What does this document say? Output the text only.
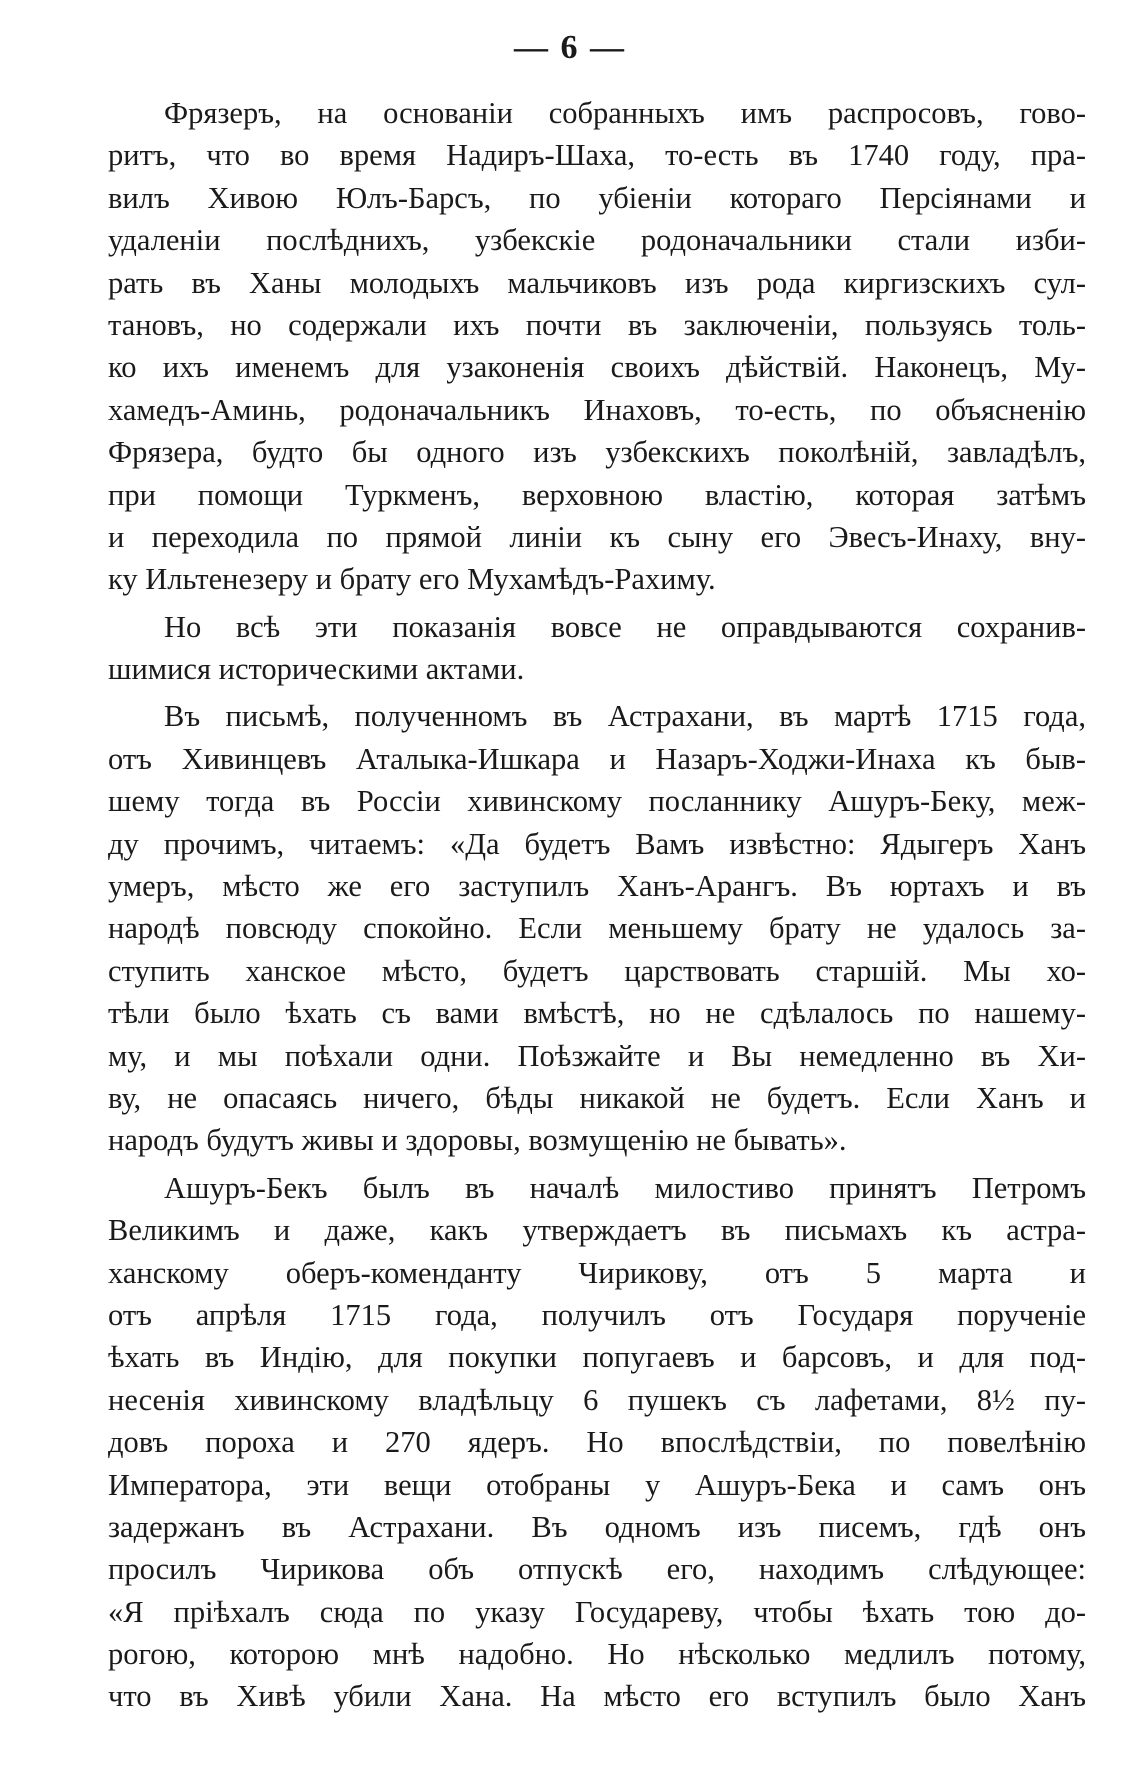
— 6 —

Фрязеръ, на основаніи собранныхъ имъ распросовъ, гово-
ритъ, что во время Надиръ-Шаха, то-есть въ 1740 году, пра-
вилъ Хивою Юлъ-Барсъ, по убіеніи котораго Персіянами и
удаленіи послѣднихъ, узбекскіе родоначальники стали изби-
рать въ Ханы молодыхъ мальчиковъ изъ рода киргизскихъ сул-
тановъ, но содержали ихъ почти въ заключеніи, пользуясь толь-
ко ихъ именемъ для узаконенія своихъ дѣйствій. Наконецъ, Му-
хамедъ-Аминь, родоначальникъ Инаховъ, то-есть, по объясненію
Фрязера, будто бы одного изъ узбекскихъ поколѣній, завладѣлъ,
при помощи Туркменъ, верховною властію, которая затѣмъ
и переходила по прямой линіи къ сыну его Эвесъ-Инаху, вну-
ку Ильтенезеру и брату его Мухамѣдъ-Рахиму.

Но всѣ эти показанія вовсе не оправдываются сохранив-
шимися историческими актами.

Въ письмѣ, полученномъ въ Астрахани, въ мартѣ 1715 года,
отъ Хивинцевъ Аталыка-Ишкара и Назаръ-Ходжи-Инаха къ быв-
шему тогда въ Россіи хивинскому посланнику Ашуръ-Беку, меж-
ду прочимъ, читаемъ: «Да будетъ Вамъ извѣстно: Ядыгеръ Ханъ
умеръ, мѣсто же его заступилъ Ханъ-Арангъ. Въ юртахъ и въ
народѣ повсюду спокойно. Если меньшему брату не удалось за-
ступить ханское мѣсто, будетъ царствовать старшій. Мы хо-
тѣли было ѣхать съ вами вмѣстѣ, но не сдѣлалось по нашему-
му, и мы поѣхали одни. Поѣзжайте и Вы немедленно въ Хи-
ву, не опасаясь ничего, бѣды никакой не будетъ. Если Ханъ и
народъ будутъ живы и здоровы, возмущенію не бывать».

Ашуръ-Бекъ былъ въ началѣ милостиво принятъ Петромъ
Великимъ и даже, какъ утверждаетъ въ письмахъ къ астра-
ханскому оберъ-коменданту Чирикову, отъ 5 марта и
отъ апрѣля 1715 года, получилъ отъ Государя порученіе
ѣхать въ Индію, для покупки попугаевъ и барсовъ, и для под-
несенія хивинскому владѣльцу 6 пушекъ съ лафетами, 8½ пу-
довъ пороха и 270 ядеръ. Но впослѣдствіи, по повелѣнію
Императора, эти вещи отобраны у Ашуръ-Бека и самъ онъ
задержанъ въ Астрахани. Въ одномъ изъ писемъ, гдѣ онъ
просилъ Чирикова объ отпускѣ его, находимъ слѣдующее:
«Я пріѣхалъ сюда по указу Государеву, чтобы ѣхать тою до-
рогою, которою мнѣ надобно. Но нѣсколько медлилъ потому,
что въ Хивѣ убили Хана. На мѣсто его вступилъ было Ханъ
